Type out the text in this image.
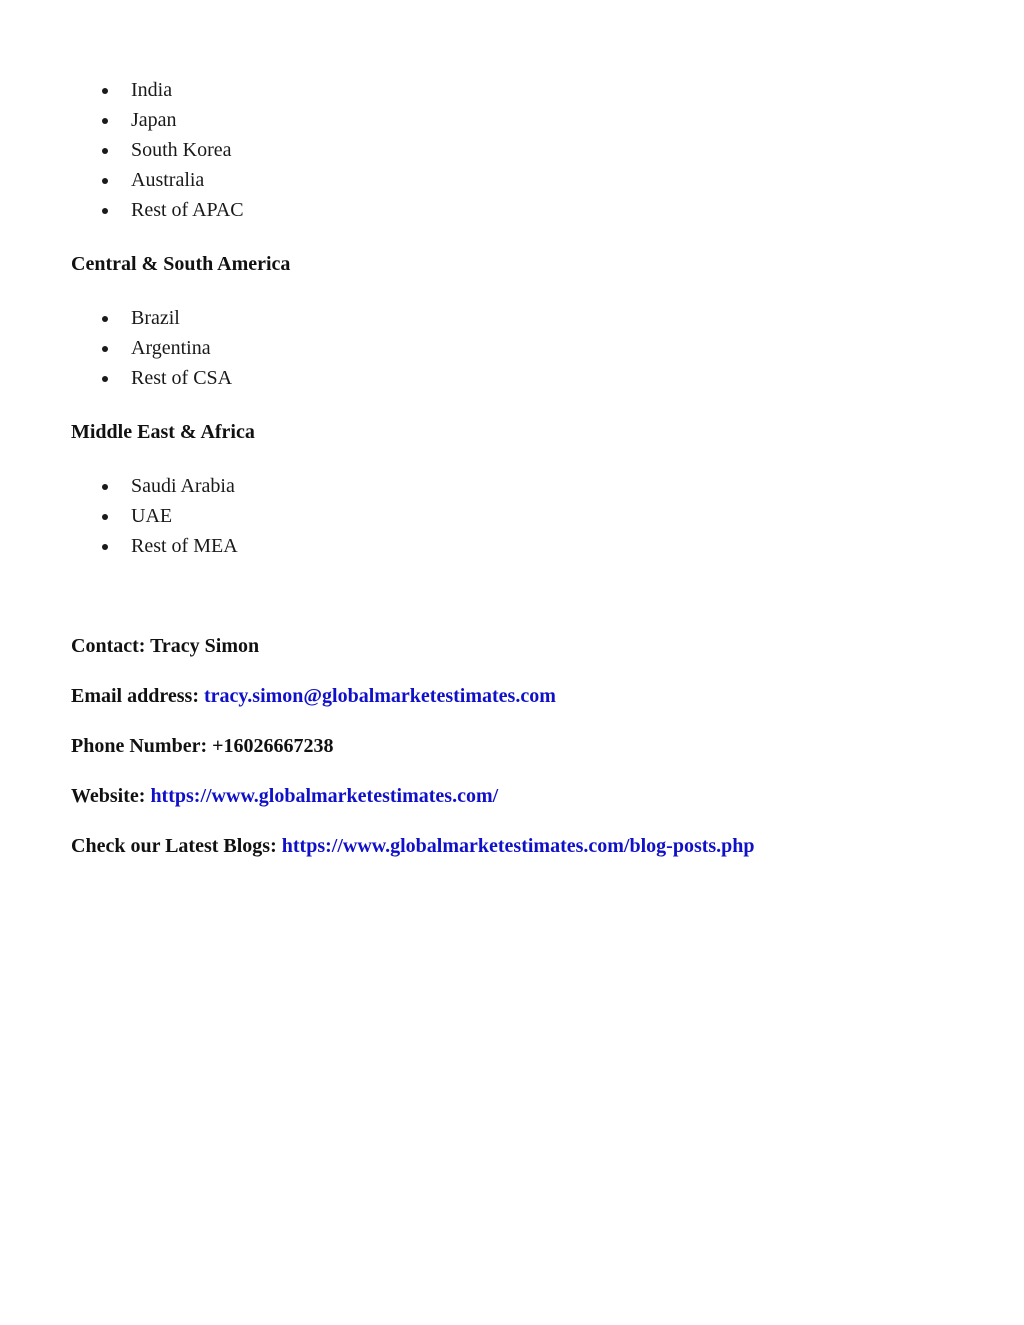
India
Japan
South Korea
Australia
Rest of APAC
Central & South America
Brazil
Argentina
Rest of CSA
Middle East & Africa
Saudi Arabia
UAE
Rest of MEA
Contact: Tracy Simon
Email address: tracy.simon@globalmarketestimates.com
Phone Number: +16026667238
Website: https://www.globalmarketestimates.com/
Check our Latest Blogs: https://www.globalmarketestimates.com/blog-posts.php
